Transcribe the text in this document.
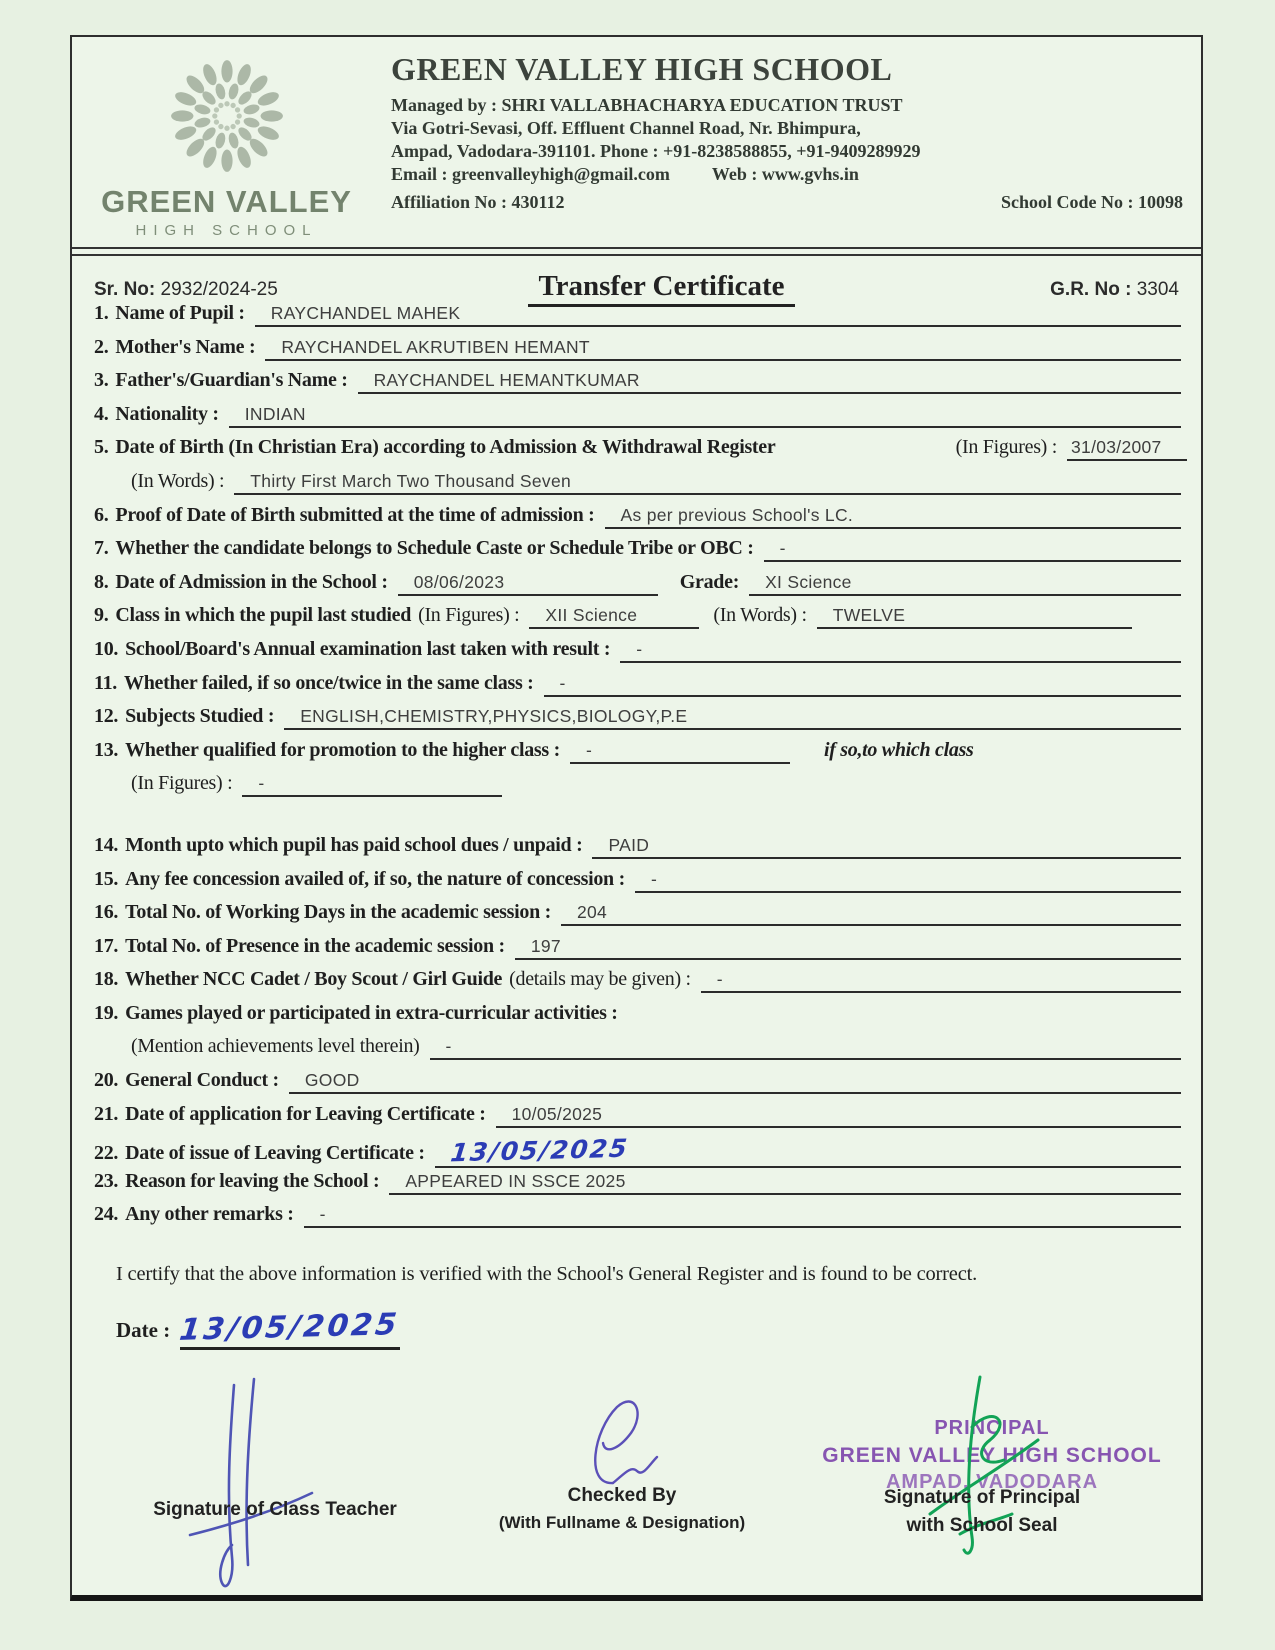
GREEN VALLEY
HIGH SCHOOL
GREEN VALLEY HIGH SCHOOL
Managed by : SHRI VALLABHACHARYA EDUCATION TRUST
Via Gotri-Sevasi, Off. Effluent Channel Road, Nr. Bhimpura,
Ampad, Vadodara-391101. Phone : +91-8238588855, +91-9409289929
Email : greenvalleyhigh@gmail.com Web : www.gvhs.in
Affiliation No : 430112	School Code No : 10098
Sr. No: 2932/2024-25	Transfer Certificate	G.R. No : 3304
1. Name of Pupil :	RAYCHANDEL MAHEK
2. Mother's Name :	RAYCHANDEL AKRUTIBEN HEMANT
3. Father's/Guardian's Name :	RAYCHANDEL HEMANTKUMAR
4. Nationality :	INDIAN
5. Date of Birth (In Christian Era) according to Admission & Withdrawal Register	(In Figures) : 31/03/2007
(In Words) :	Thirty First March Two Thousand Seven
6. Proof of Date of Birth submitted at the time of admission :	As per previous School's LC.
7. Whether the candidate belongs to Schedule Caste or Schedule Tribe or OBC :	-
8. Date of Admission in the School :	08/06/2023	Grade:	XI Science
9. Class in which the pupil last studied (In Figures) :	XII Science	(In Words) :	TWELVE
10. School/Board's Annual examination last taken with result :	-
11. Whether failed, if so once/twice in the same class :	-
12. Subjects Studied :	ENGLISH,CHEMISTRY,PHYSICS,BIOLOGY,P.E
13. Whether qualified for promotion to the higher class :	-	if so,to which class
(In Figures) :	-
14. Month upto which pupil has paid school dues / unpaid :	PAID
15. Any fee concession availed of, if so, the nature of concession :	-
16. Total No. of Working Days in the academic session :	204
17. Total No. of Presence in the academic session :	197
18. Whether NCC Cadet / Boy Scout / Girl Guide (details may be given) :	-
19. Games played or participated in extra-curricular activities :
(Mention achievements level therein)	-
20. General Conduct :	GOOD
21. Date of application for Leaving Certificate :	10/05/2025
22. Date of issue of Leaving Certificate : 13/05/2025
23. Reason for leaving the School :	APPEARED IN SSCE 2025
24. Any other remarks :	-
I certify that the above information is verified with the School's General Register and is found to be correct.
Date : 13/05/2025
Signature of Class Teacher
Checked By
(With Fullname & Designation)
PRINCIPAL
GREEN VALLEY HIGH SCHOOL
AMPAD, VADODARA
Signature of Principal
with School Seal
